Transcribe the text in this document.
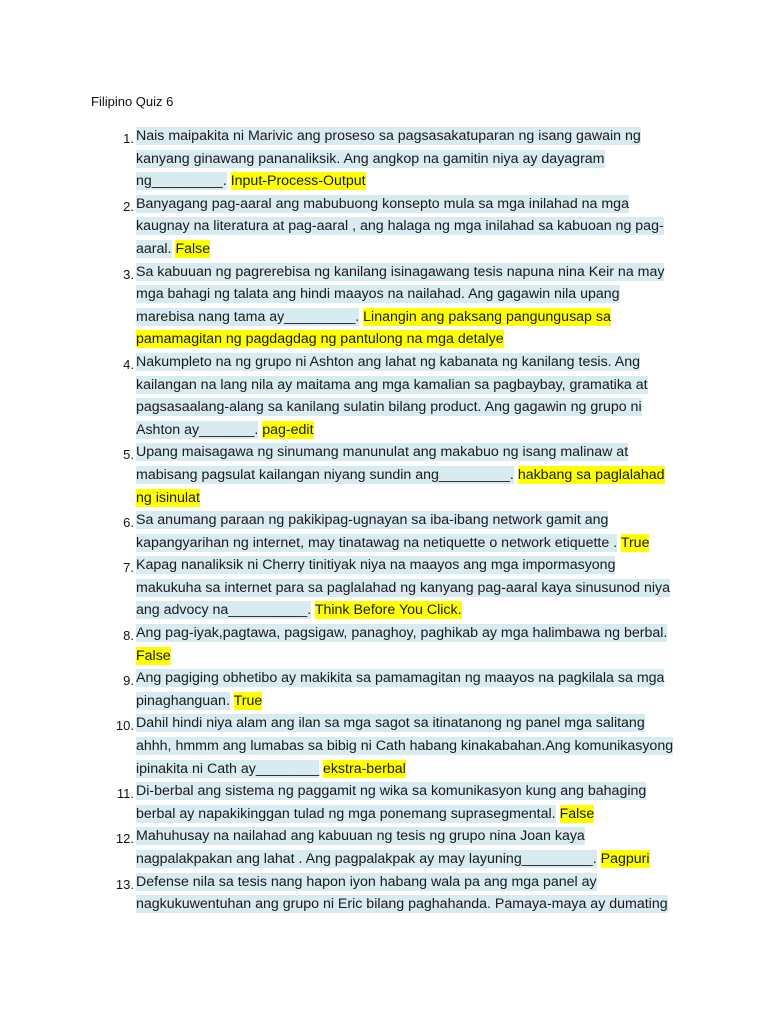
Filipino Quiz 6
1. Nais maipakita ni Marivic ang proseso sa pagsasakatuparan ng isang gawain ng kanyang ginawang pananaliksik. Ang angkop na gamitin niya ay dayagram ng_________. Input-Process-Output
2. Banyagang pag-aaral ang mabubuong konsepto mula sa mga inilahad na mga kaugnay na literatura at pag-aaral , ang halaga ng mga inilahad sa kabuoan ng pag-aaral. False
3. Sa kabuuan ng pagrerebisa ng kanilang isinagawang tesis napuna nina Keir na may mga bahagi ng talata ang hindi maayos na nailahad. Ang gagawin nila upang marebisa nang tama ay_________. Linangin ang paksang pangungusap sa pamamagitan ng pagdagdag ng pantulong na mga detalye
4. Nakumpleto na ng grupo ni Ashton ang lahat ng kabanata ng kanilang tesis. Ang kailangan na lang nila ay maitama ang mga kamalian sa pagbaybay, gramatika at pagsasaalang-alang sa kanilang sulatin bilang product. Ang gagawin ng grupo ni Ashton ay_______. pag-edit
5. Upang maisagawa ng sinumang manunulat ang makabuo ng isang malinaw at mabisang pagsulat kailangan niyang sundin ang_________. hakbang sa paglalahad ng isinulat
6. Sa anumang paraan ng pakikipag-ugnayan sa iba-ibang network gamit ang kapangyarihan ng internet, may tinatawag na netiquette o network etiquette . True
7. Kapag nanaliksik ni Cherry tinitiyak niya na maayos ang mga impormasyong makukuha sa internet para sa paglalahad ng kanyang pag-aaral kaya sinusunod niya ang advocy na__________. Think Before You Click.
8. Ang pag-iyak,pagtawa, pagsigaw, panaghoy, paghikab ay mga halimbawa ng berbal. False
9. Ang pagiging obhetibo ay makikita sa pamamagitan ng maayos na pagkilala sa mga pinaghanguan. True
10. Dahil hindi niya alam ang ilan sa mga sagot sa itinatanong ng panel mga salitang ahhh, hmmm ang lumabas sa bibig ni Cath habang kinakabahan.Ang komunikasyong ipinakita ni Cath ay________ ekstra-berbal
11. Di-berbal ang sistema ng paggamit ng wika sa komunikasyon kung ang bahaging berbal ay napakikinggan tulad ng mga ponemang suprasegmental. False
12. Mahuhusay na nailahad ang kabuuan ng tesis ng grupo nina Joan kaya nagpalakpakan ang lahat . Ang pagpalakpak ay may layuning_________. Pagpuri
13. Defense nila sa tesis nang hapon iyon habang wala pa ang mga panel ay nagkukuwentuhan ang grupo ni Eric bilang paghahanda. Pamaya-maya ay dumating
